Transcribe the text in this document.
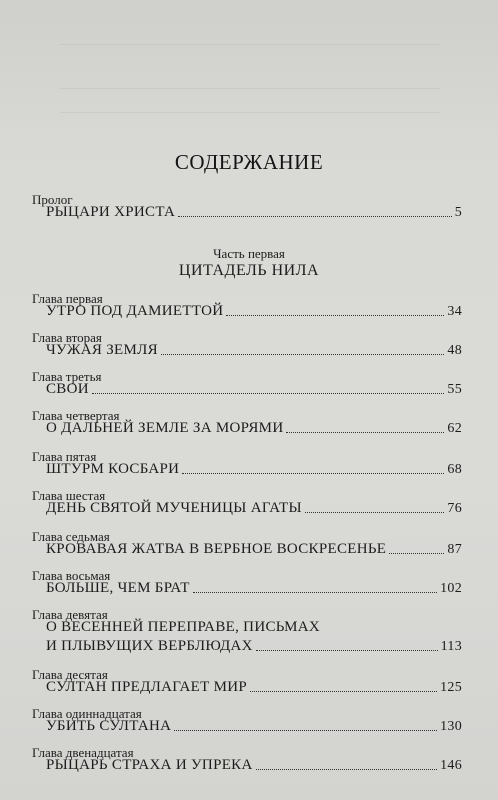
СОДЕРЖАНИЕ
Пролог
РЫЦАРИ ХРИСТА	5
Часть первая
ЦИТАДЕЛЬ НИЛА
Глава первая
УТРО ПОД ДАМИЕТТОЙ	34
Глава вторая
ЧУЖАЯ ЗЕМЛЯ	48
Глава третья
СВОИ	55
Глава четвертая
О ДАЛЬНЕЙ ЗЕМЛЕ ЗА МОРЯМИ	62
Глава пятая
ШТУРМ КОСБАРИ	68
Глава шестая
ДЕНЬ СВЯТОЙ МУЧЕНИЦЫ АГАТЫ	76
Глава седьмая
КРОВАВАЯ ЖАТВА В ВЕРБНОЕ ВОСКРЕСЕНЬЕ	87
Глава восьмая
БОЛЬШЕ, ЧЕМ БРАТ	102
Глава девятая
О ВЕСЕННЕЙ ПЕРЕПРАВЕ, ПИСЬМАХ
И ПЛЫВУЩИХ ВЕРБЛЮДАХ	113
Глава десятая
СУЛТАН ПРЕДЛАГАЕТ МИР	125
Глава одиннадцатая
УБИТЬ СУЛТАНА	130
Глава двенадцатая
РЫЦАРЬ СТРАХА И УПРЕКА	146
